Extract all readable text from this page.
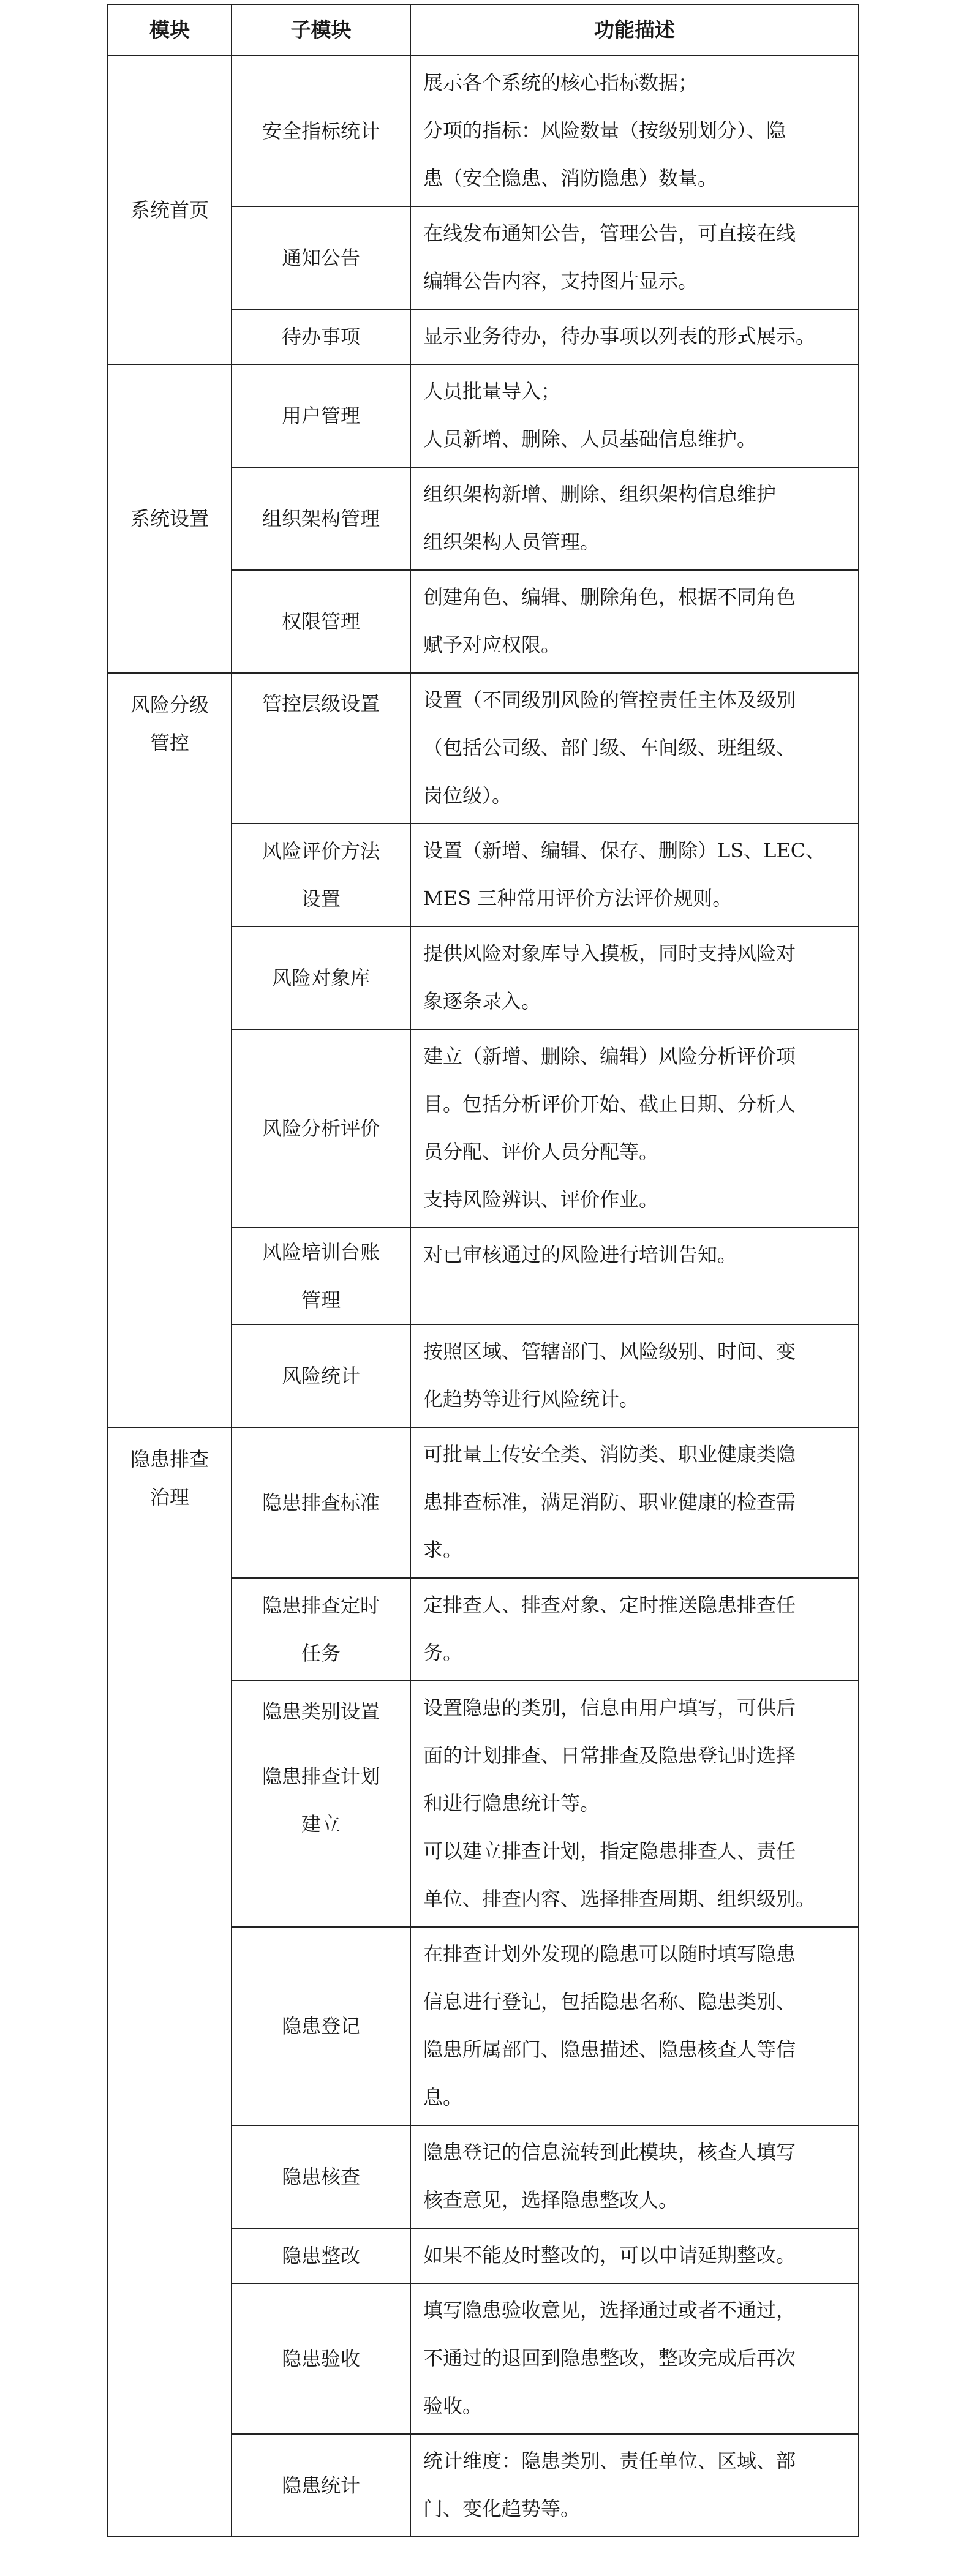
模块	子模块	功能描述
系统首页	安全指标统计	展示各个系统的核心指标数据；
分项的指标：风险数量（按级别划分）、隐
患（安全隐患、消防隐患）数量。

	通知公告	在线发布通知公告，管理公告，可直接在线
编辑公告内容，支持图片显示。

	待办事项	显示业务待办，待办事项以列表的形式展示。

系统设置	用户管理	人员批量导入；
人员新增、删除、人员基础信息维护。

	组织架构管理	组织架构新增、删除、组织架构信息维护
组织架构人员管理。

	权限管理	创建角色、编辑、删除角色，根据不同角色
赋予对应权限。

风险分级
管控	管控层级设置	设置（不同级别风险的管控责任主体及级别
（包括公司级、部门级、车间级、班组级、
岗位级）。

	风险评价方法
设置	设置（新增、编辑、保存、删除）LS、LEC、
MES 三种常用评价方法评价规则。

	风险对象库	提供风险对象库导入摸板，同时支持风险对
象逐条录入。

	风险分析评价	建立（新增、删除、编辑）风险分析评价项
目。包括分析评价开始、截止日期、分析人
员分配、评价人员分配等。
支持风险辨识、评价作业。

	风险培训台账
管理	对已审核通过的风险进行培训告知。

	风险统计	按照区域、管辖部门、风险级别、时间、变
化趋势等进行风险统计。

隐患排查
治理	隐患排查标准	可批量上传安全类、消防类、职业健康类隐
患排查标准，满足消防、职业健康的检查需
求。

	隐患排查定时
任务	定排查人、排查对象、定时推送隐患排查任
务。

	隐患类别设置
隐患排查计划
建立	设置隐患的类别，信息由用户填写，可供后
面的计划排查、日常排查及隐患登记时选择
和进行隐患统计等。
可以建立排查计划，指定隐患排查人、责任
单位、排查内容、选择排查周期、组织级别。

	隐患登记	在排查计划外发现的隐患可以随时填写隐患
信息进行登记，包括隐患名称、隐患类别、
隐患所属部门、隐患描述、隐患核查人等信
息。

	隐患核查	隐患登记的信息流转到此模块，核查人填写
核查意见，选择隐患整改人。

	隐患整改	如果不能及时整改的，可以申请延期整改。

	隐患验收	填写隐患验收意见，选择通过或者不通过，
不通过的退回到隐患整改，整改完成后再次
验收。

	隐患统计	统计维度：隐患类别、责任单位、区域、部
门、变化趋势等。
